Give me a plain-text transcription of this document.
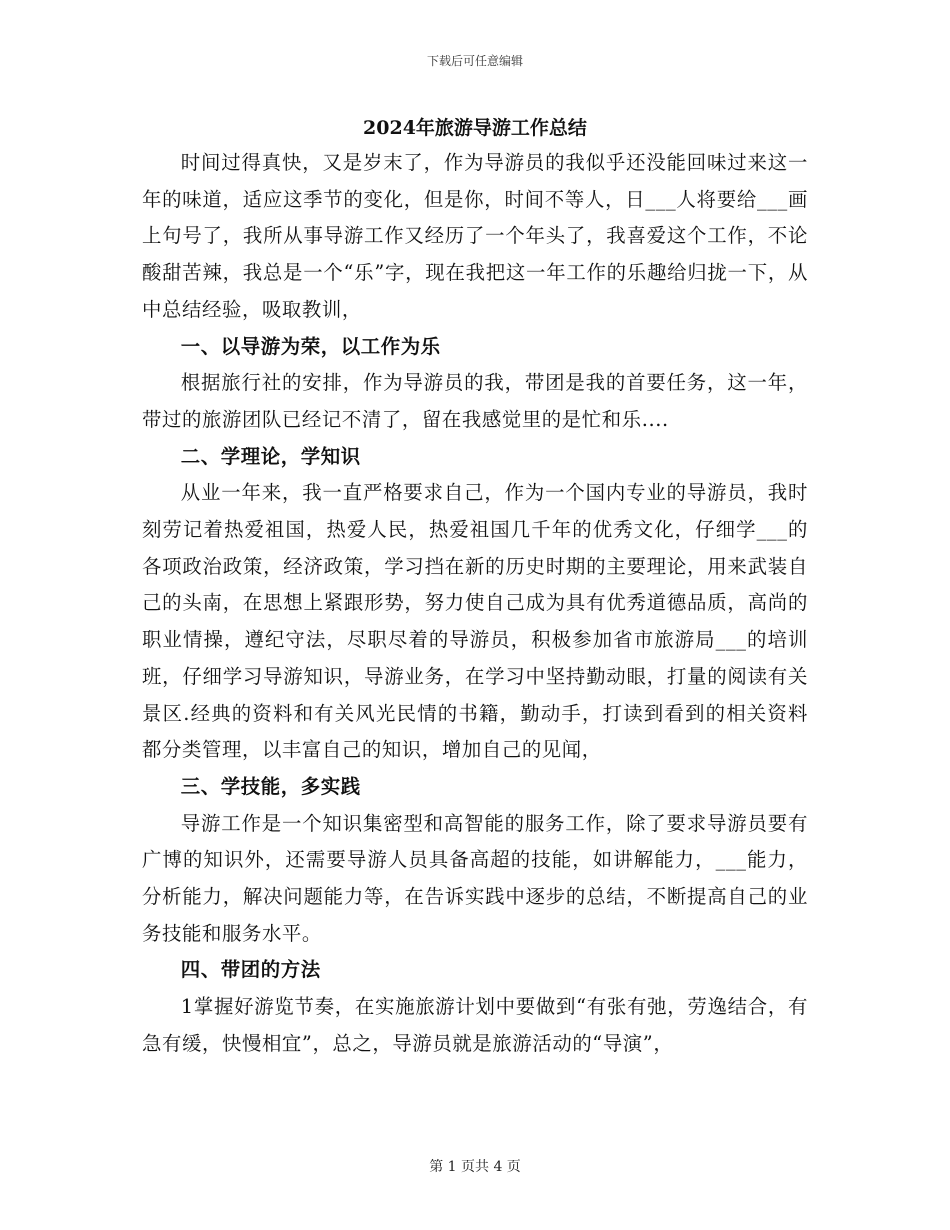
下载后可任意编辑
2024年旅游导游工作总结

时间过得真快，又是岁末了，作为导游员的我似乎还没能回味过来这一年的味道，适应这季节的变化，但是你，时间不等人，日___人将要给___画上句号了，我所从事导游工作又经历了一个年头了，我喜爱这个工作，不论酸甜苦辣，我总是一个“乐”字，现在我把这一年工作的乐趣给归拢一下，从中总结经验，吸取教训，

一、以导游为荣，以工作为乐

根据旅行社的安排，作为导游员的我，带团是我的首要任务，这一年，带过的旅游团队已经记不清了，留在我感觉里的是忙和乐....

二、学理论，学知识

从业一年来，我一直严格要求自己，作为一个国内专业的导游员，我时刻劳记着热爱祖国，热爱人民，热爱祖国几千年的优秀文化，仔细学___的各项政治政策，经济政策，学习挡在新的历史时期的主要理论，用来武装自己的头南，在思想上紧跟形势，努力使自己成为具有优秀道德品质，高尚的职业情操，遵纪守法，尽职尽着的导游员，积极参加省市旅游局___的培训班，仔细学习导游知识，导游业务，在学习中坚持勤动眼，打量的阅读有关景区.经典的资料和有关风光民情的书籍，勤动手，打读到看到的相关资料都分类管理，以丰富自己的知识，增加自己的见闻，

三、学技能，多实践

导游工作是一个知识集密型和高智能的服务工作，除了要求导游员要有广博的知识外，还需要导游人员具备高超的技能，如讲解能力，___能力，分析能力，解决问题能力等，在告诉实践中逐步的总结，不断提高自己的业务技能和服务水平。

四、带团的方法

1掌握好游览节奏，在实施旅游计划中要做到“有张有弛，劳逸结合，有急有缓，快慢相宜”，总之，导游员就是旅游活动的“导演”，

第 1 页共 4 页
